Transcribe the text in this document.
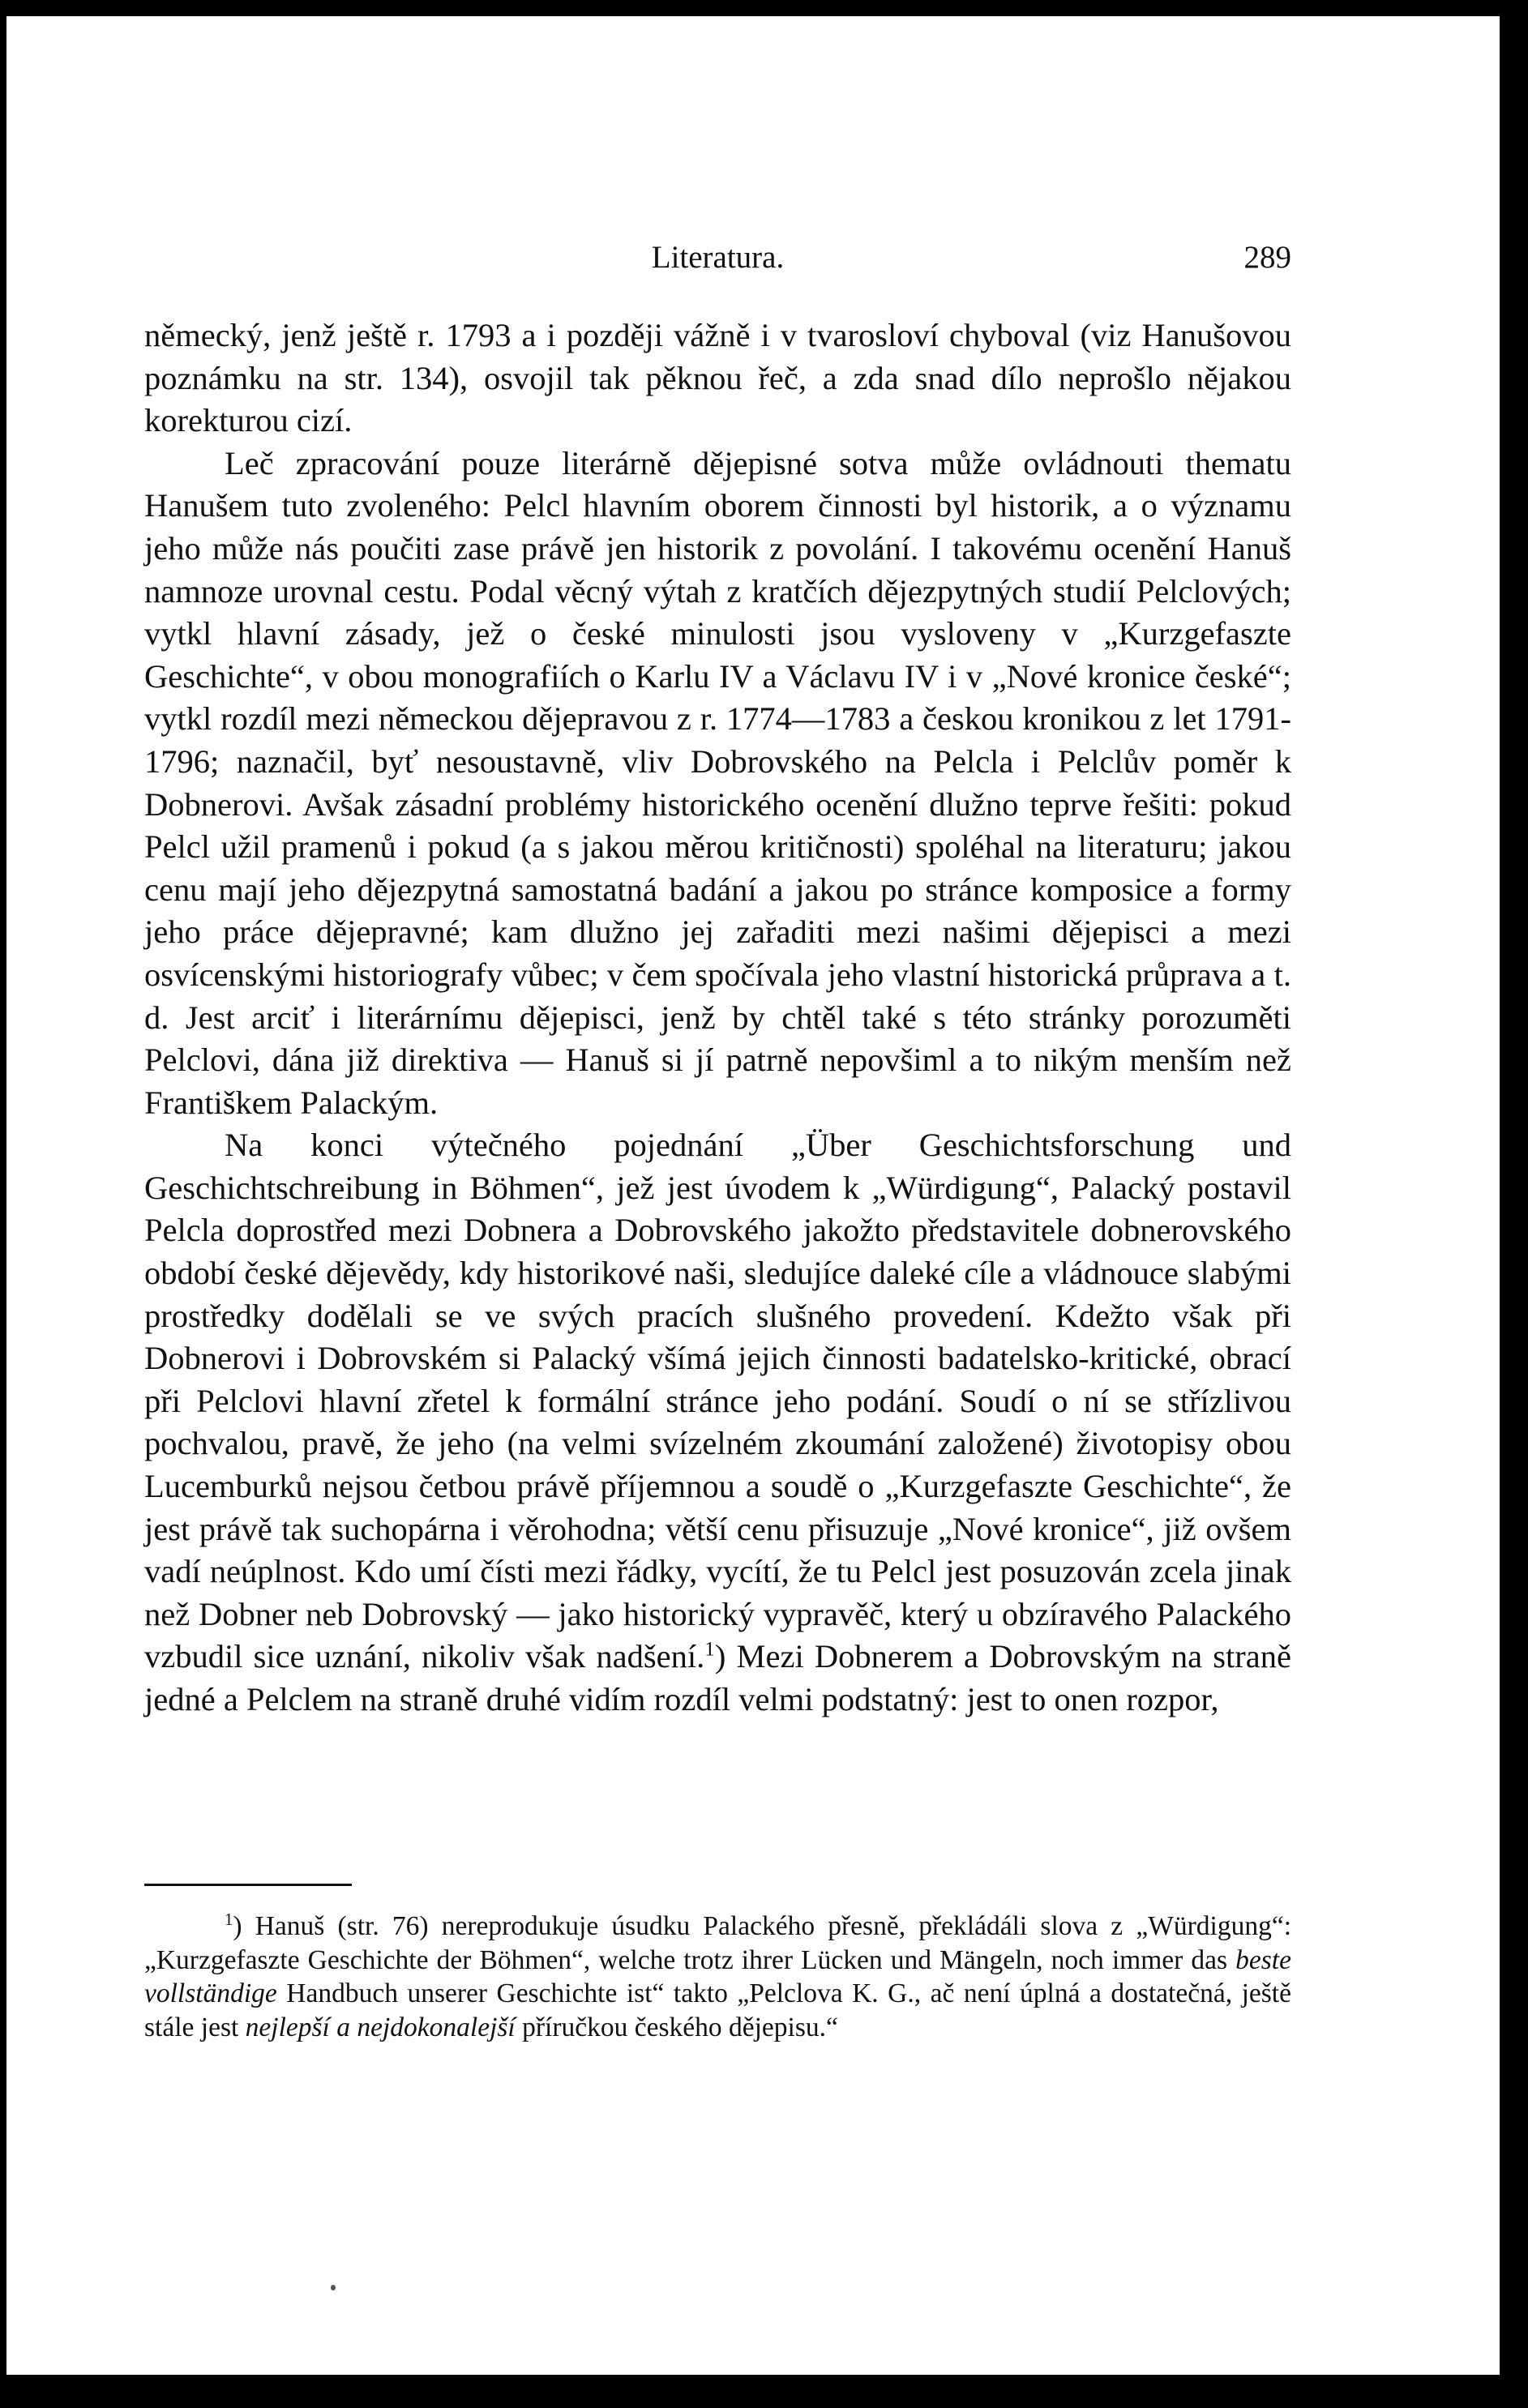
Literatura.	289

německý, jenž ještě r. 1793 a i později vážně i v tvarosloví chyboval (viz Hanušovou poznámku na str. 134), osvojil tak pěknou řeč, a zda snad dílo neprošlo nějakou korekturou cizí.

Leč zpracování pouze literárně dějepisné sotva může ovládnouti thematu Hanušem tuto zvoleného: Pelcl hlavním oborem činnosti byl historik, a o významu jeho může nás poučiti zase právě jen historik z povolání. I takovému ocenění Hanuš namnoze urovnal cestu. Podal věcný výtah z kratčích dějezpytných studií Pelclových; vytkl hlavní zásady, jež o české minulosti jsou vysloveny v „Kurzgefaszte Geschichte“, v obou monografiích o Karlu IV a Václavu IV i v „Nové kronice české“; vytkl rozdíl mezi německou dějepravou z r. 1774—1783 a českou kronikou z let 1791-1796; naznačil, byť nesoustavně, vliv Dobrovského na Pelcla i Pelclův poměr k Dobnerovi. Avšak zásadní problémy historického ocenění dlužno teprve řešiti: pokud Pelcl užil pramenů i pokud (a s jakou měrou kritičnosti) spoléhal na literaturu; jakou cenu mají jeho dějezpytná samostatná badání a jakou po stránce komposice a formy jeho práce dějepravné; kam dlužno jej zařaditi mezi našimi dějepisci a mezi osvícenskými historiografy vůbec; v čem spočívala jeho vlastní historická průprava a t. d. Jest arciť i literárnímu dějepisci, jenž by chtěl také s této stránky porozuměti Pelclovi, dána již direktiva — Hanuš si jí patrně nepovšiml a to nikým menším než Františkem Palackým.

Na konci výtečného pojednání „Über Geschichtsforschung und Geschichtschreibung in Böhmen“, jež jest úvodem k „Würdigung“, Palacký postavil Pelcla doprostřed mezi Dobnera a Dobrovského jakožto představitele dobnerovského období české dějevědy, kdy historikové naši, sledujíce daleké cíle a vládnouce slabými prostředky dodělali se ve svých pracích slušného provedení. Kdežto však při Dobnerovi i Dobrovském si Palacký všímá jejich činnosti badatelsko-kritické, obrací při Pelclovi hlavní zřetel k formální stránce jeho podání. Soudí o ní se střízlivou pochvalou, pravě, že jeho (na velmi svízelném zkoumání založené) životopisy obou Lucemburků nejsou četbou právě příjemnou a soudě o „Kurzgefaszte Geschichte“, že jest právě tak suchopárna i věrohodna; větší cenu přisuzuje „Nové kronice“, již ovšem vadí neúplnost. Kdo umí čísti mezi řádky, vycítí, že tu Pelcl jest posuzován zcela jinak než Dobner neb Dobrovský — jako historický vypravěč, který u obzíravého Palackého vzbudil sice uznání, nikoliv však nadšení.$^1$) Mezi Dobnerem a Dobrovským na straně jedné a Pelclem na straně druhé vidím rozdíl velmi podstatný: jest to onen rozpor,

$^1$) Hanuš (str. 76) nereprodukuje úsudku Palackého přesně, překládáli slova z „Würdigung“: „Kurzgefaszte Geschichte der Böhmen“, welche trotz ihrer Lücken und Mängeln, noch immer das beste vollständige Handbuch unserer Geschichte ist“ takto „Pelclova K. G., ač není úplná a dostatečná, ještě stále jest nejlepší a nejdokonalejší příručkou českého dějepisu.“
